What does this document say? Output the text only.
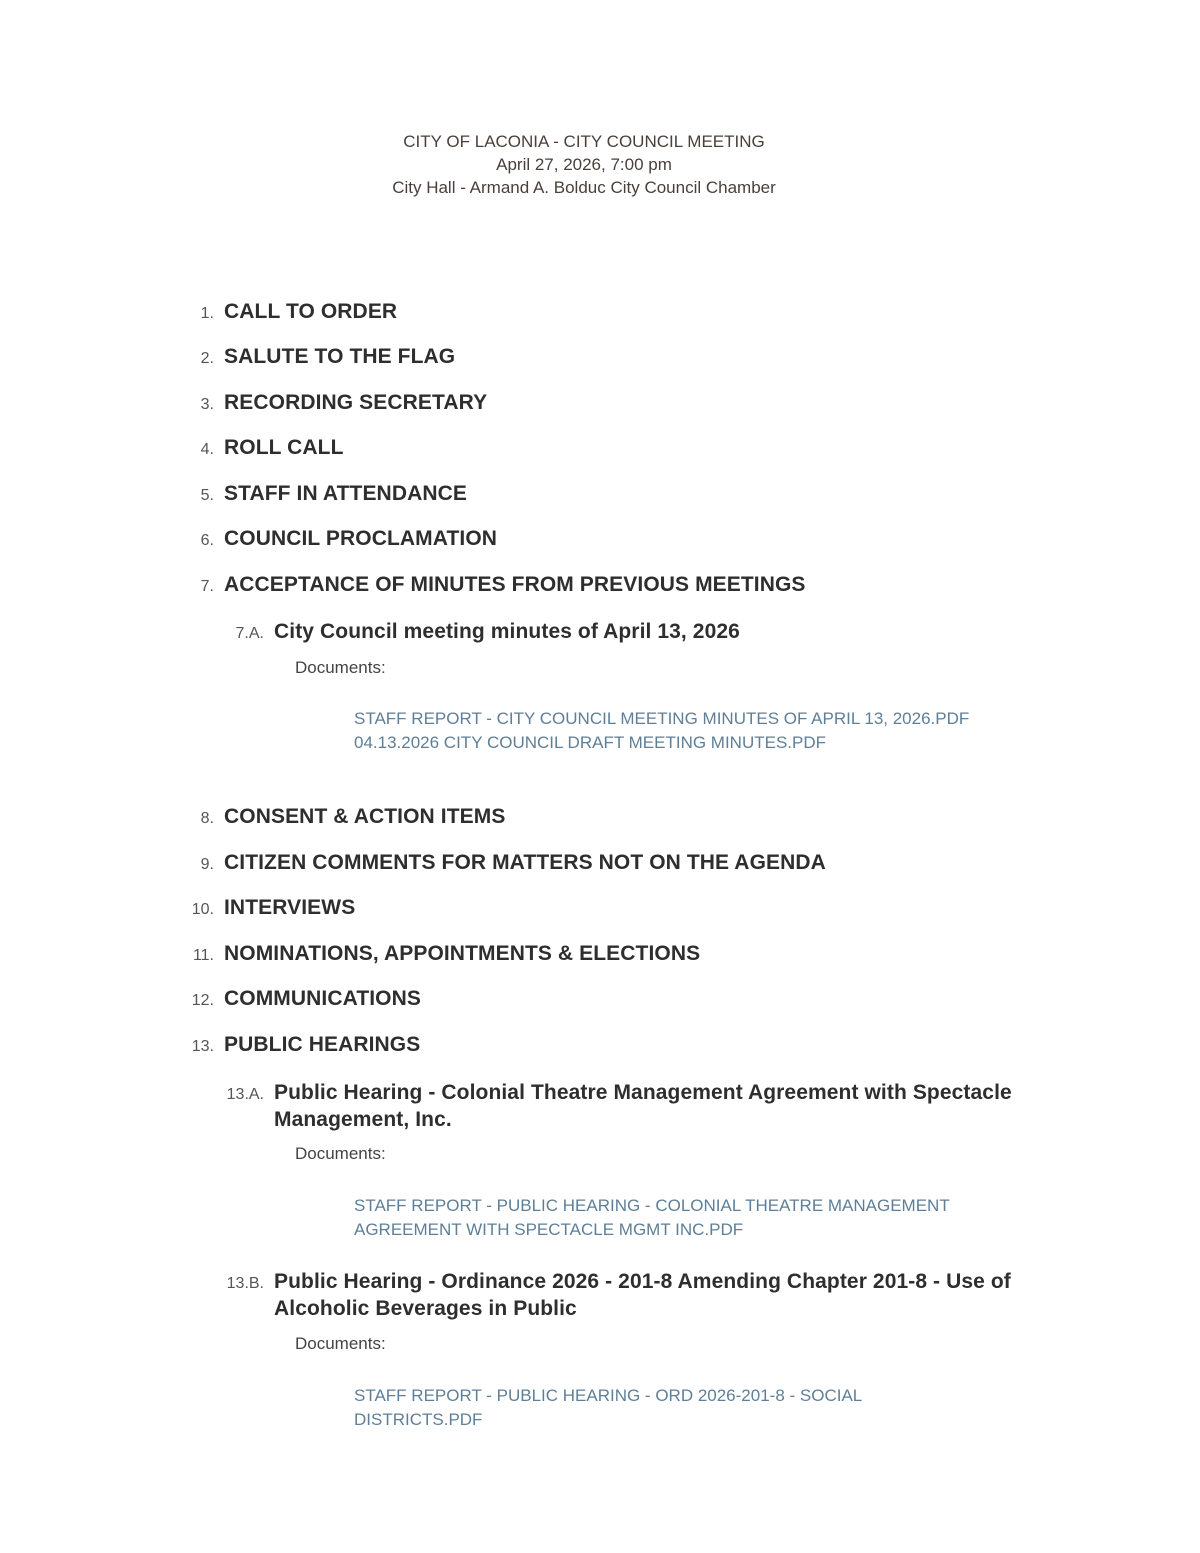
CITY OF LACONIA - CITY COUNCIL MEETING
April 27, 2026, 7:00 pm
City Hall - Armand A. Bolduc City Council Chamber
1. CALL TO ORDER
2. SALUTE TO THE FLAG
3. RECORDING SECRETARY
4. ROLL CALL
5. STAFF IN ATTENDANCE
6. COUNCIL PROCLAMATION
7. ACCEPTANCE OF MINUTES FROM PREVIOUS MEETINGS
7.A. City Council meeting minutes of April 13, 2026
Documents:
STAFF REPORT - CITY COUNCIL MEETING MINUTES OF APRIL 13, 2026.PDF
04.13.2026 CITY COUNCIL DRAFT MEETING MINUTES.PDF
8. CONSENT & ACTION ITEMS
9. CITIZEN COMMENTS FOR MATTERS NOT ON THE AGENDA
10. INTERVIEWS
11. NOMINATIONS, APPOINTMENTS & ELECTIONS
12. COMMUNICATIONS
13. PUBLIC HEARINGS
13.A. Public Hearing - Colonial Theatre Management Agreement with Spectacle Management, Inc.
Documents:
STAFF REPORT - PUBLIC HEARING - COLONIAL THEATRE MANAGEMENT AGREEMENT WITH SPECTACLE MGMT INC.PDF
13.B. Public Hearing - Ordinance 2026 - 201-8 Amending Chapter 201-8 - Use of Alcoholic Beverages in Public
Documents:
STAFF REPORT - PUBLIC HEARING - ORD 2026-201-8 - SOCIAL DISTRICTS.PDF
